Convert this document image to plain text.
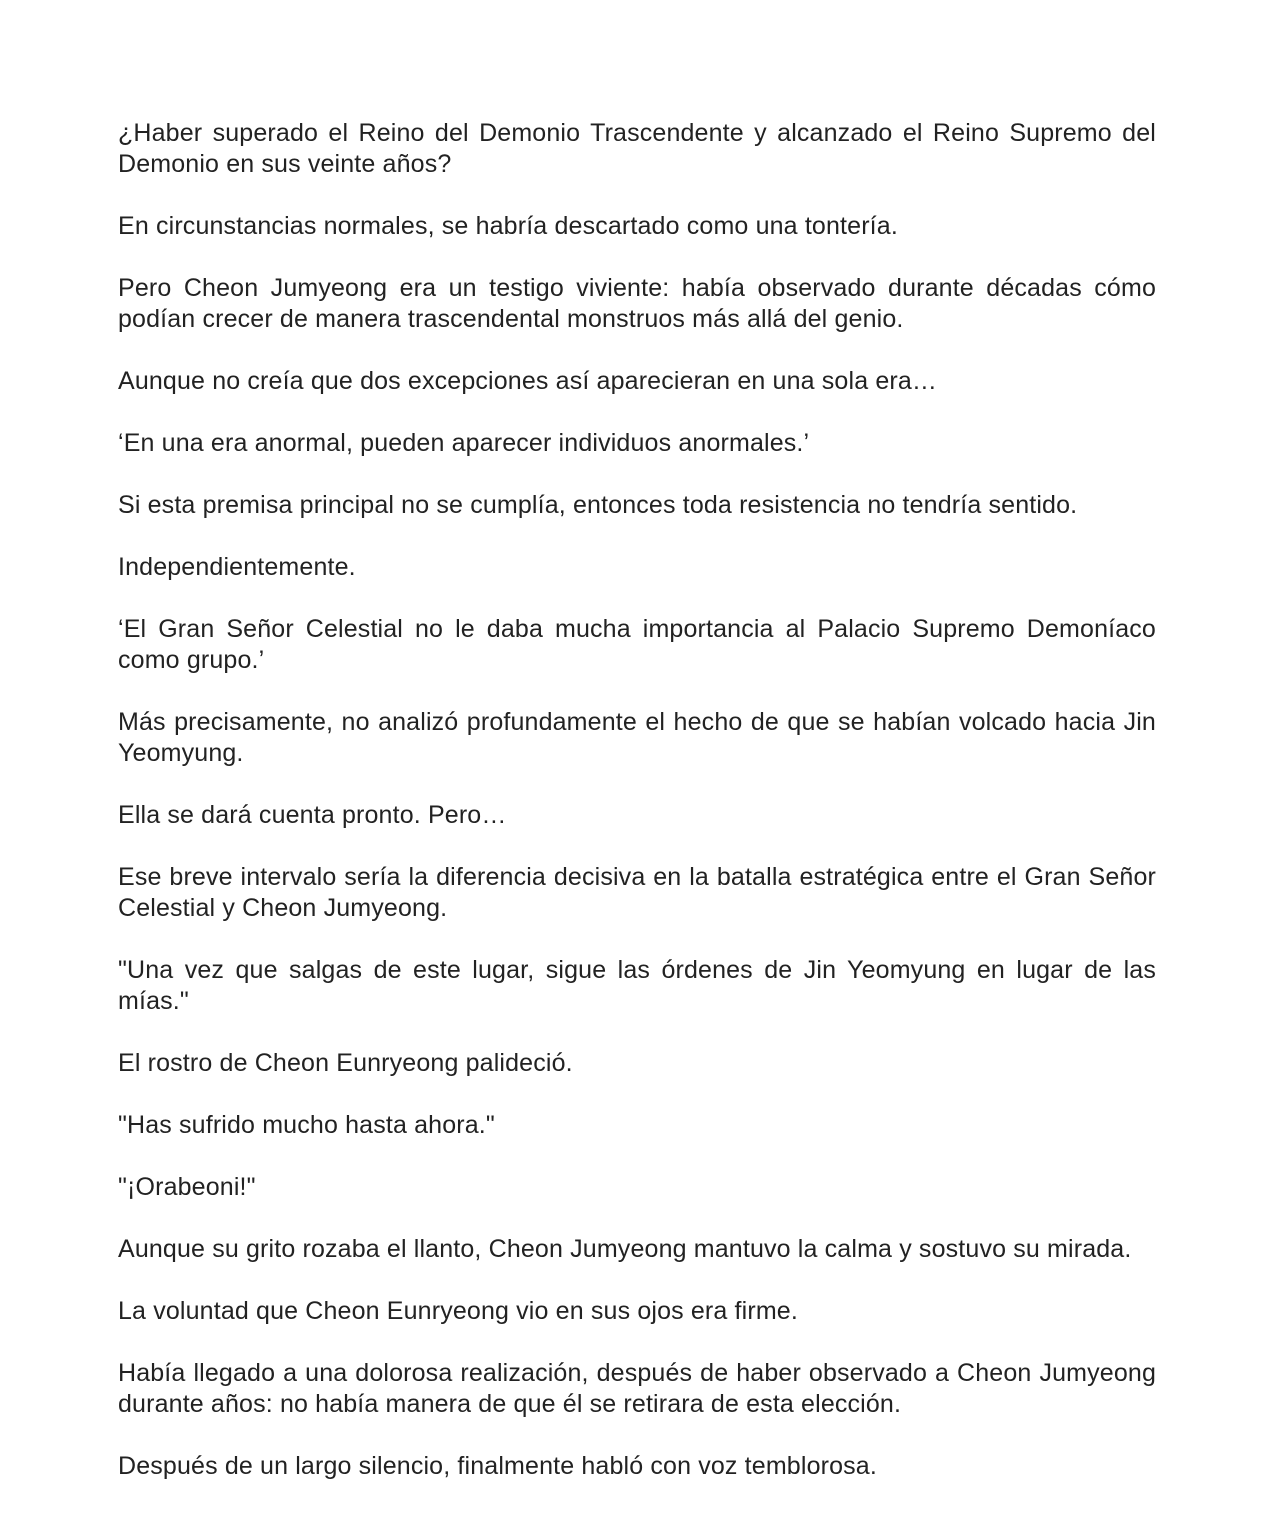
¿Haber superado el Reino del Demonio Trascendente y alcanzado el Reino Supremo del Demonio en sus veinte años?

En circunstancias normales, se habría descartado como una tontería.

Pero Cheon Jumyeong era un testigo viviente: había observado durante décadas cómo podían crecer de manera trascendental monstruos más allá del genio.

Aunque no creía que dos excepciones así aparecieran en una sola era…

‘En una era anormal, pueden aparecer individuos anormales.’

Si esta premisa principal no se cumplía, entonces toda resistencia no tendría sentido.

Independientemente.

‘El Gran Señor Celestial no le daba mucha importancia al Palacio Supremo Demoníaco como grupo.’

Más precisamente, no analizó profundamente el hecho de que se habían volcado hacia Jin Yeomyung.

Ella se dará cuenta pronto. Pero…

Ese breve intervalo sería la diferencia decisiva en la batalla estratégica entre el Gran Señor Celestial y Cheon Jumyeong.

"Una vez que salgas de este lugar, sigue las órdenes de Jin Yeomyung en lugar de las mías."

El rostro de Cheon Eunryeong palideció.

"Has sufrido mucho hasta ahora."

"¡Orabeoni!"

Aunque su grito rozaba el llanto, Cheon Jumyeong mantuvo la calma y sostuvo su mirada.

La voluntad que Cheon Eunryeong vio en sus ojos era firme.

Había llegado a una dolorosa realización, después de haber observado a Cheon Jumyeong durante años: no había manera de que él se retirara de esta elección.

Después de un largo silencio, finalmente habló con voz temblorosa.
